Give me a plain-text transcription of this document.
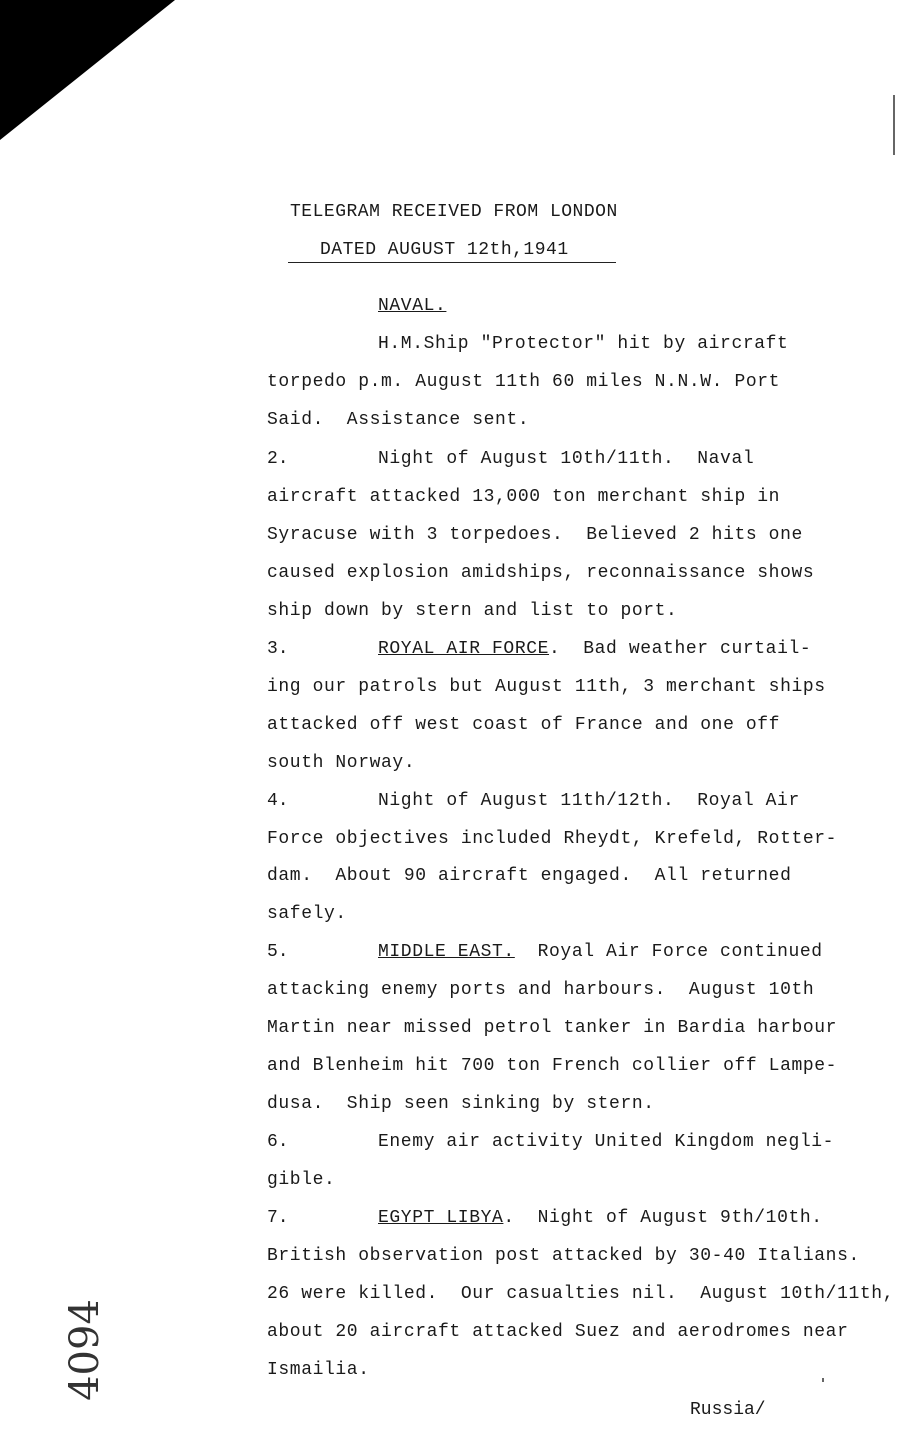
TELEGRAM RECEIVED FROM LONDON
DATED AUGUST 12th,1941
NAVAL.
H.M.Ship "Protector" hit by aircraft
torpedo p.m. August 11th 60 miles N.N.W. Port
Said.  Assistance sent.
2.	Night of August 10th/11th.  Naval
aircraft attacked 13,000 ton merchant ship in
Syracuse with 3 torpedoes.  Believed 2 hits one
caused explosion amidships, reconnaissance shows
ship down by stern and list to port.
3.	ROYAL AIR FORCE.  Bad weather curtail-
ing our patrols but August 11th, 3 merchant ships
attacked off west coast of France and one off
south Norway.
4.	Night of August 11th/12th.  Royal Air
Force objectives included Rheydt, Krefeld, Rotter-
dam.  About 90 aircraft engaged.  All returned
safely.
5.	MIDDLE EAST.  Royal Air Force continued
attacking enemy ports and harbours.  August 10th
Martin near missed petrol tanker in Bardia harbour
and Blenheim hit 700 ton French collier off Lampe-
dusa.  Ship seen sinking by stern.
6.	Enemy air activity United Kingdom negli-
gible.
7.	EGYPT LIBYA.  Night of August 9th/10th.
British observation post attacked by 30-40 Italians.
26 were killed.  Our casualties nil.  August 10th/11th,
about 20 aircraft attacked Suez and aerodromes near
Ismailia.
Russia/
4094
